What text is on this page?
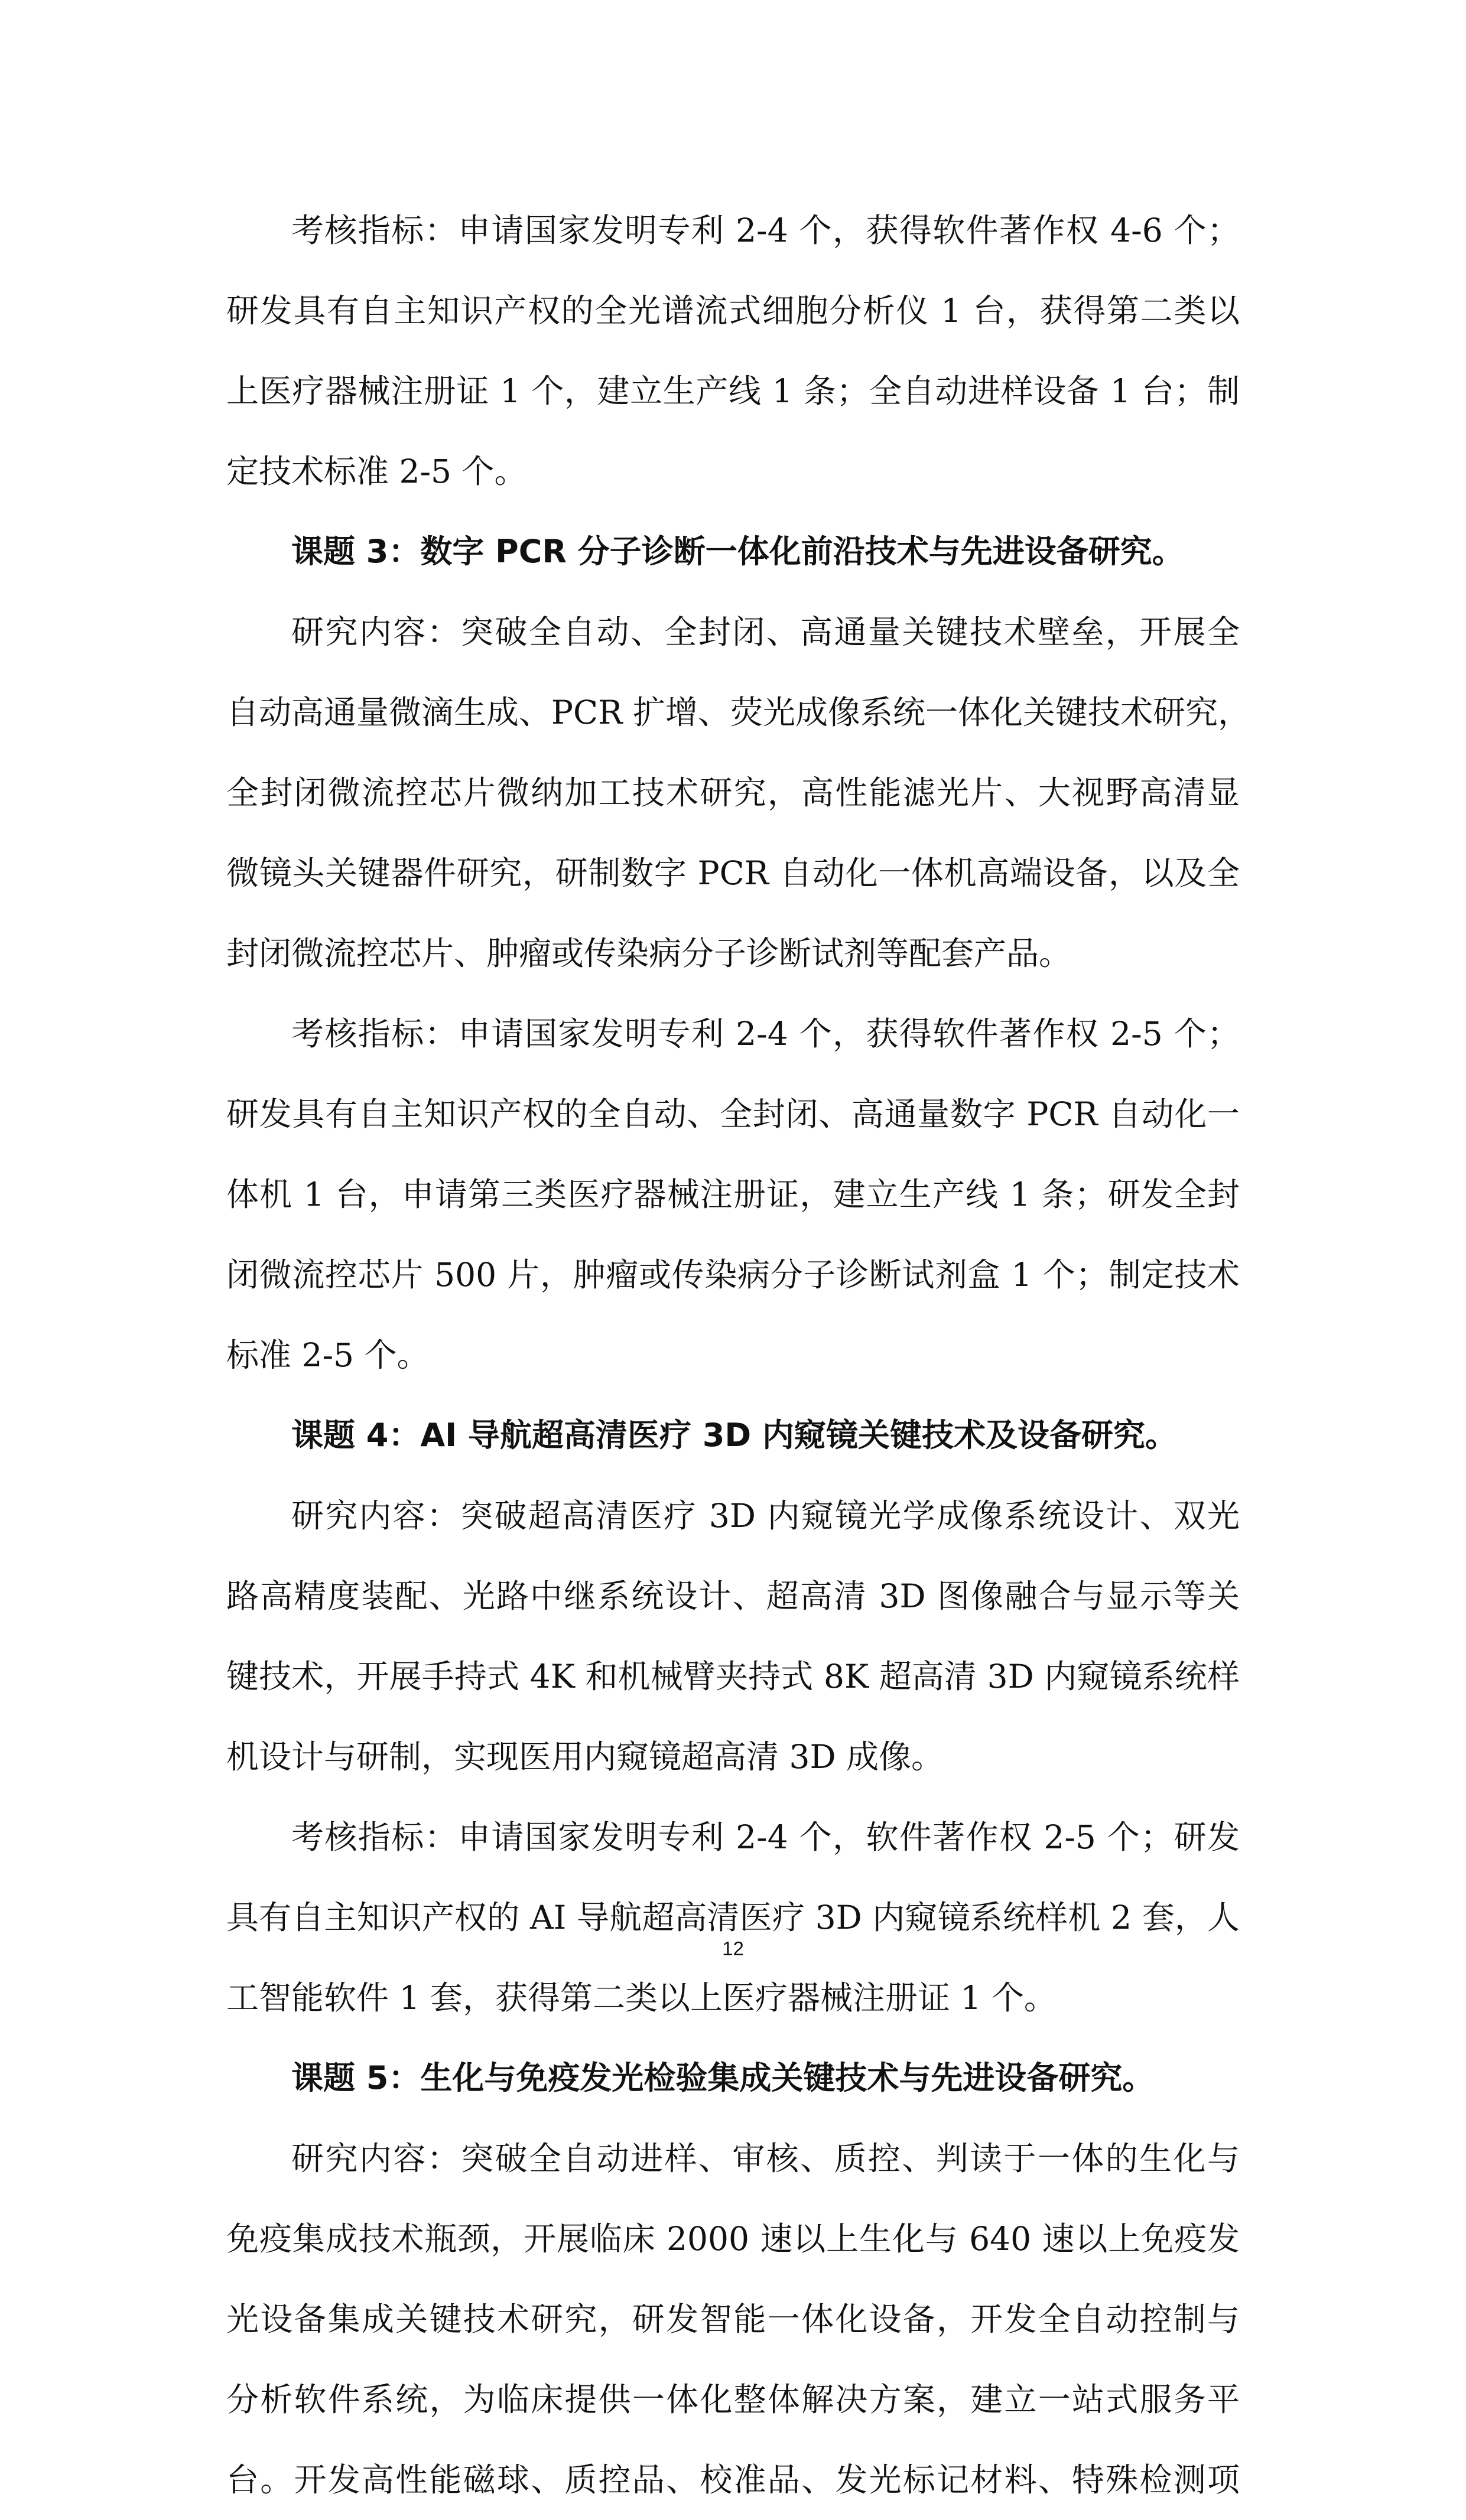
考核指标：申请国家发明专利 2-4 个，获得软件著作权 4-6 个；
研发具有自主知识产权的全光谱流式细胞分析仪 1 台，获得第二类以
上医疗器械注册证 1 个，建立生产线 1 条；全自动进样设备 1 台；制
定技术标准 2-5 个。
课题 3：数字 PCR 分子诊断一体化前沿技术与先进设备研究。
研究内容：突破全自动、全封闭、高通量关键技术壁垒，开展全
自动高通量微滴生成、PCR 扩增、荧光成像系统一体化关键技术研究，
全封闭微流控芯片微纳加工技术研究，高性能滤光片、大视野高清显
微镜头关键器件研究，研制数字 PCR 自动化一体机高端设备，以及全
封闭微流控芯片、肿瘤或传染病分子诊断试剂等配套产品。
考核指标：申请国家发明专利 2-4 个，获得软件著作权 2-5 个；
研发具有自主知识产权的全自动、全封闭、高通量数字 PCR 自动化一
体机 1 台，申请第三类医疗器械注册证，建立生产线 1 条；研发全封
闭微流控芯片 500 片，肿瘤或传染病分子诊断试剂盒 1 个；制定技术
标准 2-5 个。
课题 4：AI 导航超高清医疗 3D 内窥镜关键技术及设备研究。
研究内容：突破超高清医疗 3D 内窥镜光学成像系统设计、双光
路高精度装配、光路中继系统设计、超高清 3D 图像融合与显示等关
键技术，开展手持式 4K 和机械臂夹持式 8K 超高清 3D 内窥镜系统样
机设计与研制，实现医用内窥镜超高清 3D 成像。
考核指标：申请国家发明专利 2-4 个，软件著作权 2-5 个；研发
具有自主知识产权的 AI 导航超高清医疗 3D 内窥镜系统样机 2 套，人
工智能软件 1 套，获得第二类以上医疗器械注册证 1 个。
课题 5：生化与免疫发光检验集成关键技术与先进设备研究。
研究内容：突破全自动进样、审核、质控、判读于一体的生化与
免疫集成技术瓶颈，开展临床 2000 速以上生化与 640 速以上免疫发
光设备集成关键技术研究，研发智能一体化设备，开发全自动控制与
分析软件系统，为临床提供一体化整体解决方案，建立一站式服务平
台。开发高性能磁球、质控品、校准品、发光标记材料、特殊检测项
12
